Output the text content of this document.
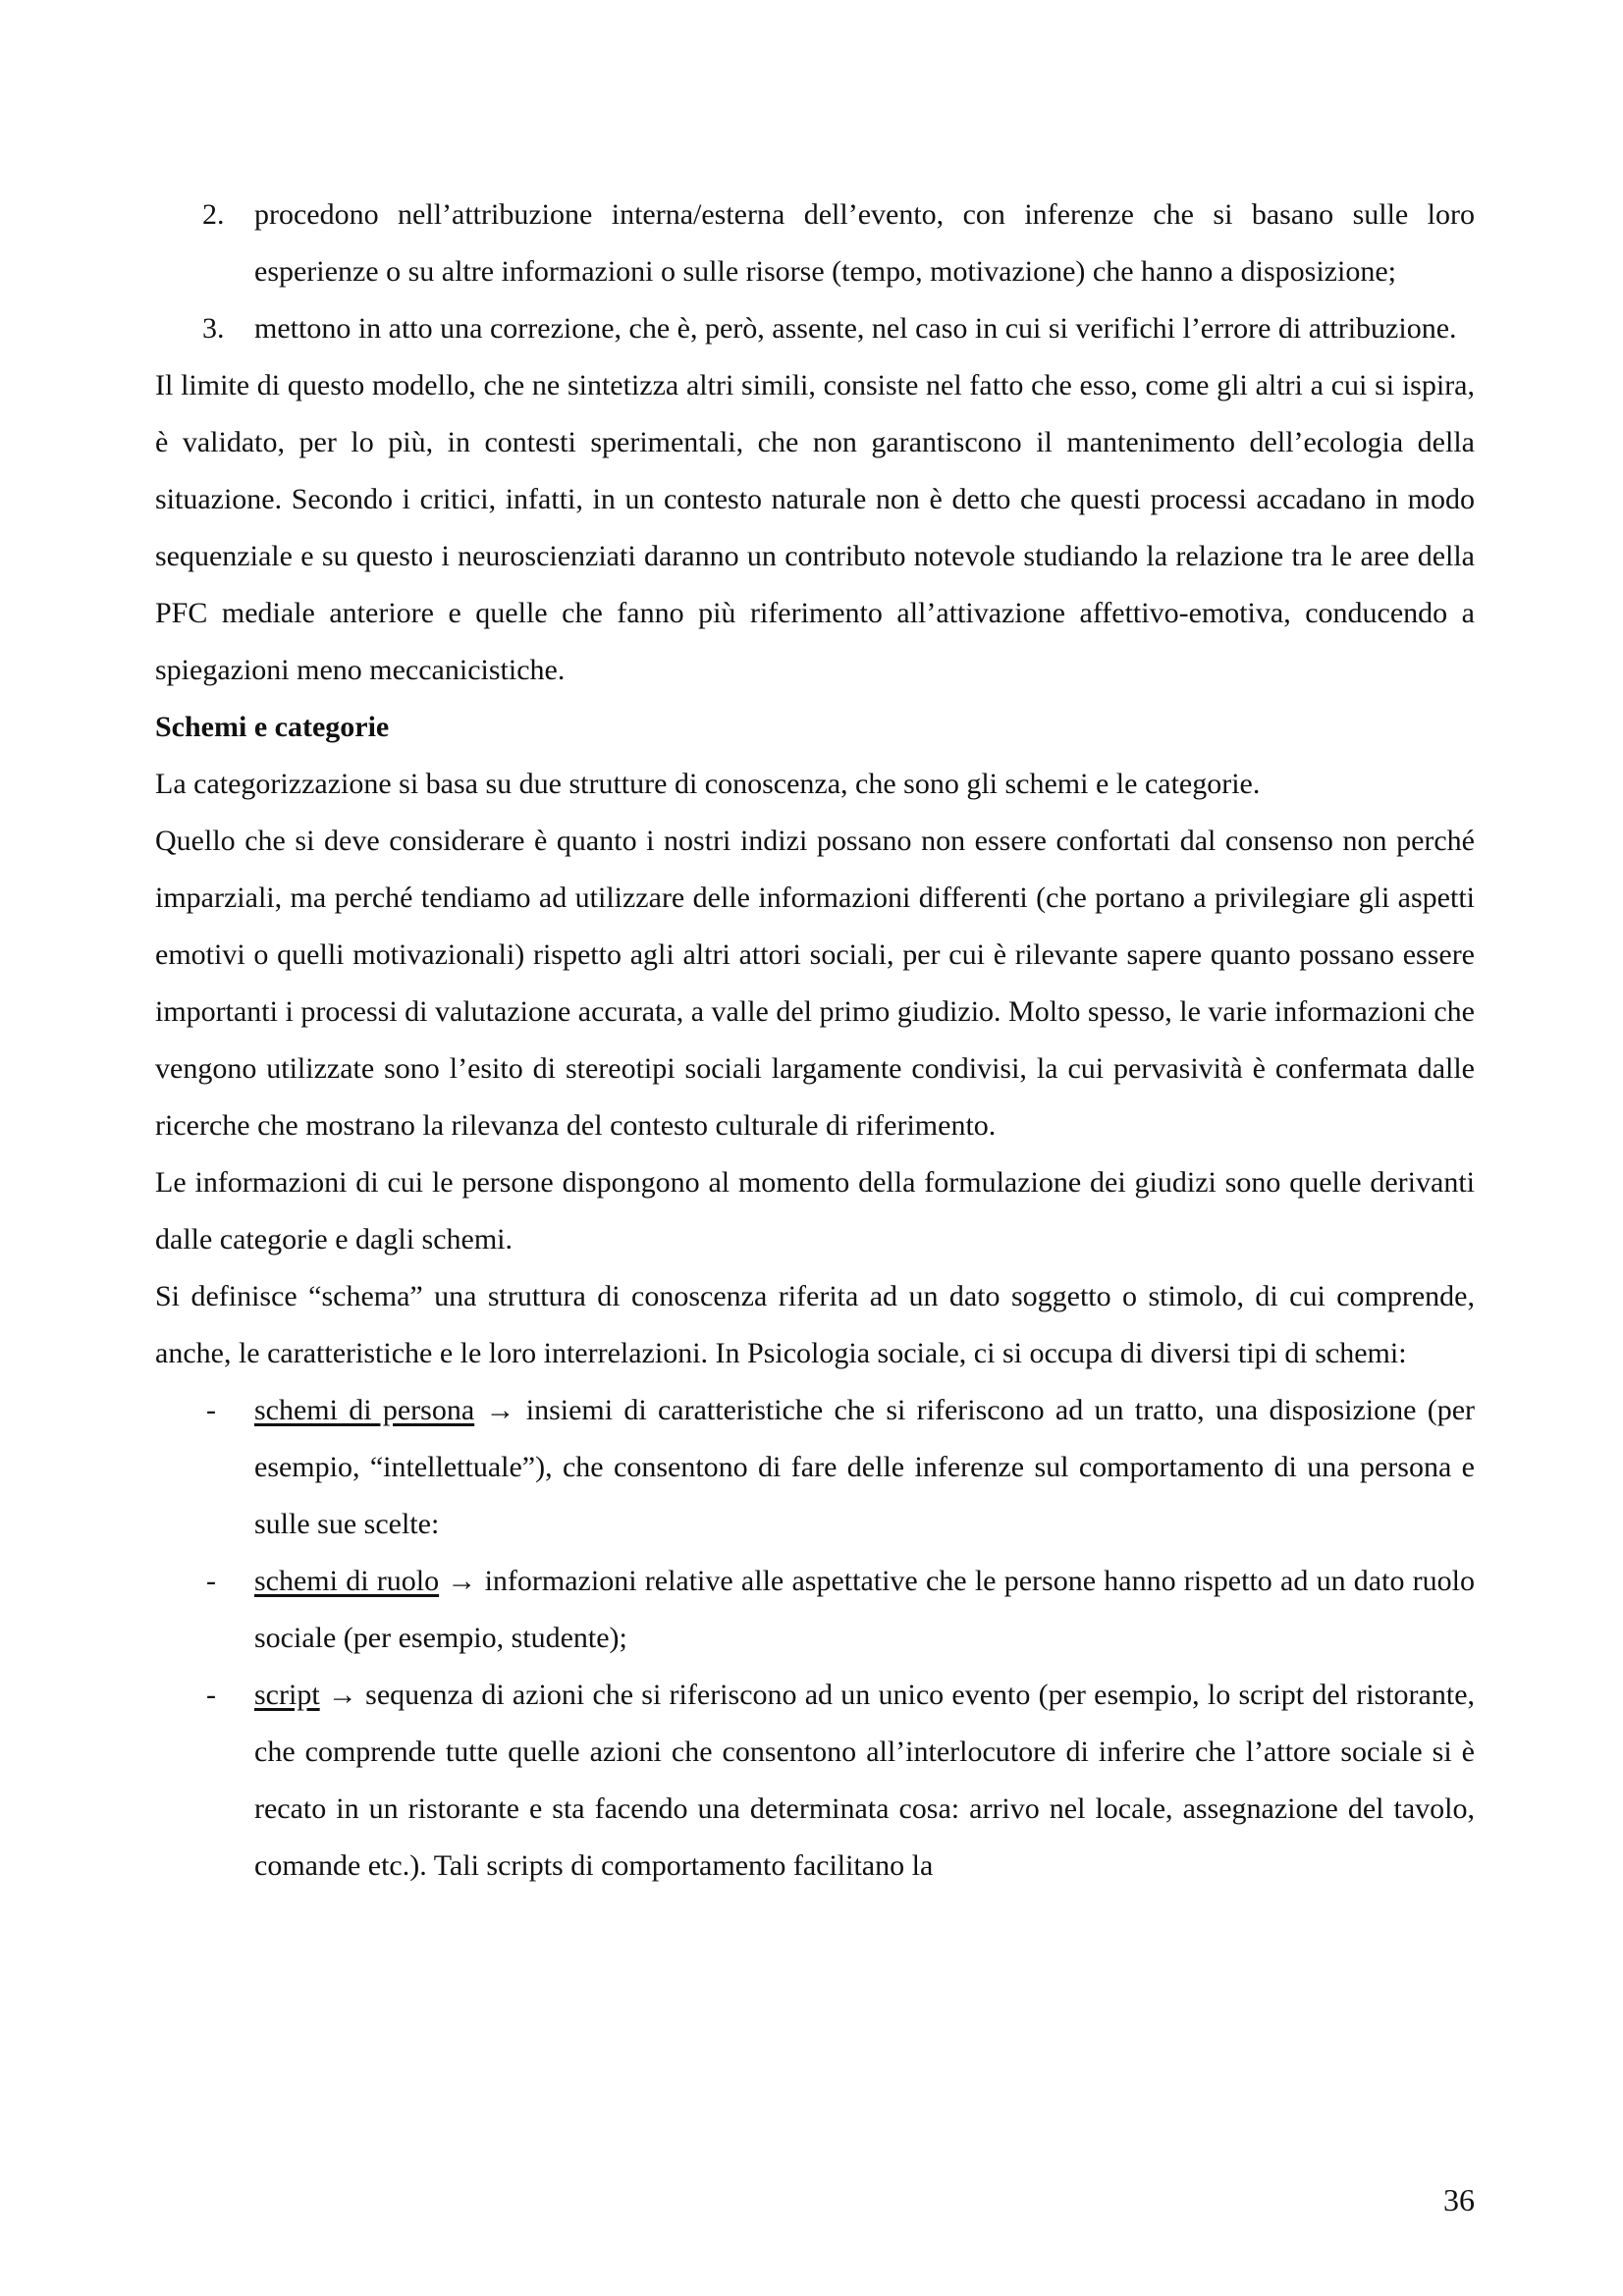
2. procedono nell’attribuzione interna/esterna dell’evento, con inferenze che si basano sulle loro esperienze o su altre informazioni o sulle risorse (tempo, motivazione) che hanno a disposizione;
3. mettono in atto una correzione, che è, però, assente, nel caso in cui si verifichi l’errore di attribuzione.

Il limite di questo modello, che ne sintetizza altri simili, consiste nel fatto che esso, come gli altri a cui si ispira, è validato, per lo più, in contesti sperimentali, che non garantiscono il mantenimento dell’ecologia della situazione. Secondo i critici, infatti, in un contesto naturale non è detto che questi processi accadano in modo sequenziale e su questo i neuroscienziati daranno un contributo notevole studiando la relazione tra le aree della PFC mediale anteriore e quelle che fanno più riferimento all’attivazione affettivo-emotiva, conducendo a spiegazioni meno meccanicistiche.

Schemi e categorie

La categorizzazione si basa su due strutture di conoscenza, che sono gli schemi e le categorie.

Quello che si deve considerare è quanto i nostri indizi possano non essere confortati dal consenso non perché imparziali, ma perché tendiamo ad utilizzare delle informazioni differenti (che portano a privilegiare gli aspetti emotivi o quelli motivazionali) rispetto agli altri attori sociali, per cui è rilevante sapere quanto possano essere importanti i processi di valutazione accurata, a valle del primo giudizio. Molto spesso, le varie informazioni che vengono utilizzate sono l’esito di stereotipi sociali largamente condivisi, la cui pervasività è confermata dalle ricerche che mostrano la rilevanza del contesto culturale di riferimento.

Le informazioni di cui le persone dispongono al momento della formulazione dei giudizi sono quelle derivanti dalle categorie e dagli schemi.

Si definisce “schema” una struttura di conoscenza riferita ad un dato soggetto o stimolo, di cui comprende, anche, le caratteristiche e le loro interrelazioni. In Psicologia sociale, ci si occupa di diversi tipi di schemi:

- schemi di persona → insiemi di caratteristiche che si riferiscono ad un tratto, una disposizione (per esempio, “intellettuale”), che consentono di fare delle inferenze sul comportamento di una persona e sulle sue scelte:
- schemi di ruolo → informazioni relative alle aspettative che le persone hanno rispetto ad un dato ruolo sociale (per esempio, studente);
- script → sequenza di azioni che si riferiscono ad un unico evento (per esempio, lo script del ristorante, che comprende tutte quelle azioni che consentono all’interlocutore di inferire che l’attore sociale si è recato in un ristorante e sta facendo una determinata cosa: arrivo nel locale, assegnazione del tavolo, comande etc.). Tali scripts di comportamento facilitano la
36
